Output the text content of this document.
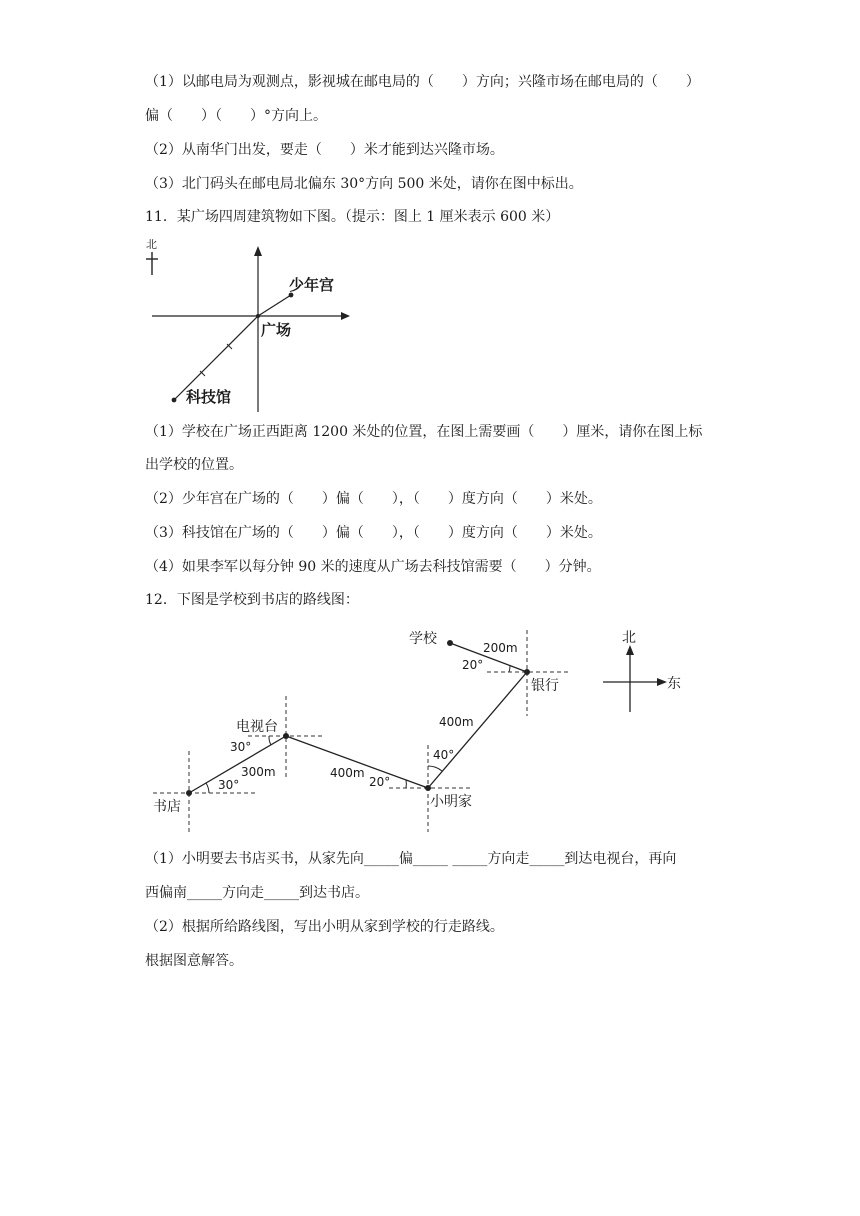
（1）以邮电局为观测点，影视城在邮电局的（　　）方向；兴隆市场在邮电局的（　　）
偏（　　）（　　）°方向上。
（2）从南华门出发，要走（　　）米才能到达兴隆市场。
（3）北门码头在邮电局北偏东 30°方向 500 米处，请你在图中标出。
11．某广场四周建筑物如下图。（提示：图上 1 厘米表示 600 米）
北
少年宫
科技馆
广场
（1）学校在广场正西距离 1200 米处的位置，在图上需要画（　　）厘米，请你在图上标
出学校的位置。
（2）少年宫在广场的（　　）偏（　　），（　　）度方向（　　）米处。
（3）科技馆在广场的（　　）偏（　　），（　　）度方向（　　）米处。
（4）如果李军以每分钟 90 米的速度从广场去科技馆需要（　　）分钟。
12．下图是学校到书店的路线图：
学校
银行
小明家
电视台
书店
200m
400m
400m
300m
20°
40°
20°
30°
30°
北
东
（1）小明要去书店买书，从家先向_____偏_____ _____方向走_____到达电视台，再向
西偏南_____方向走_____到达书店。
（2）根据所给路线图，写出小明从家到学校的行走路线。
根据图意解答。
